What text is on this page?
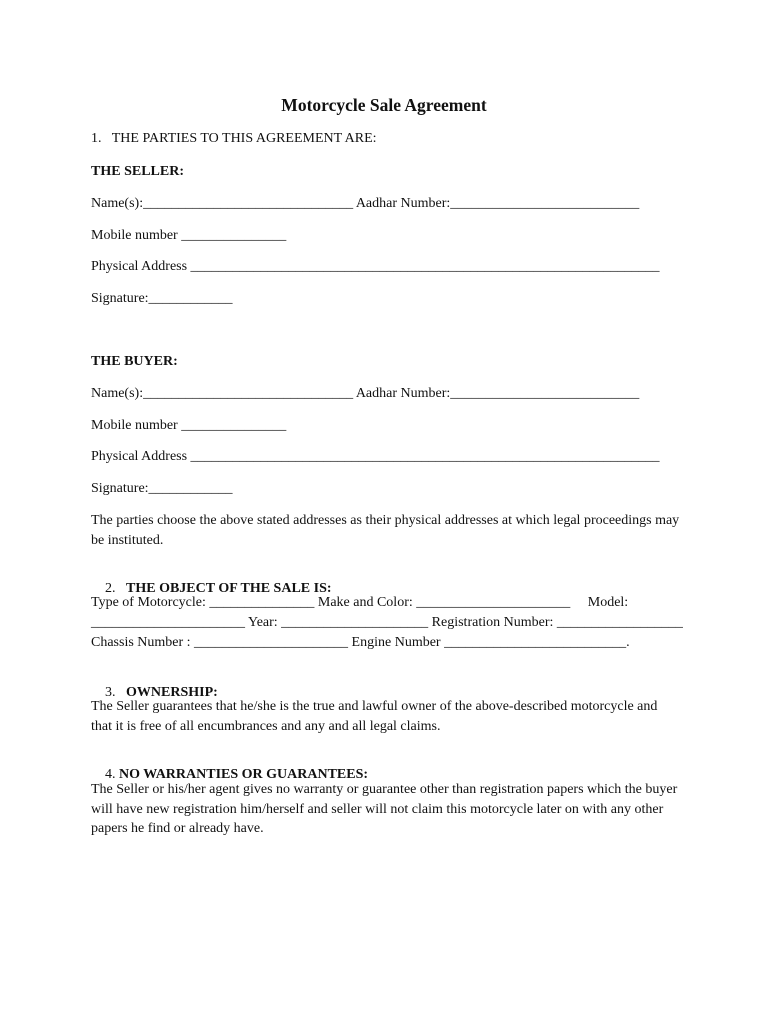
Motorcycle Sale Agreement
1.   THE PARTIES TO THIS AGREEMENT ARE:
THE SELLER:
Name(s):______________________________ Aadhar Number:___________________________
Mobile number _______________
Physical Address ___________________________________________________________________
Signature:____________
THE BUYER:
Name(s):______________________________ Aadhar Number:___________________________
Mobile number _______________
Physical Address ___________________________________________________________________
Signature:____________
The parties choose the above stated addresses as their physical addresses at which legal proceedings may be instituted.

2. THE OBJECT OF THE SALE IS:

Type of Motorcycle: _______________ Make and Color: ______________________     Model:
______________________ Year: _____________________ Registration Number: __________________
Chassis Number : ______________________ Engine Number __________________________.

3. OWNERSHIP:

The Seller guarantees that he/she is the true and lawful owner of the above-described motorcycle and that it is free of all encumbrances and any and all legal claims.

4. NO WARRANTIES OR GUARANTEES:

The Seller or his/her agent gives no warranty or guarantee other than registration papers which the buyer will have new registration him/herself and seller will not claim this motorcycle later on with any other papers he find or already have.
